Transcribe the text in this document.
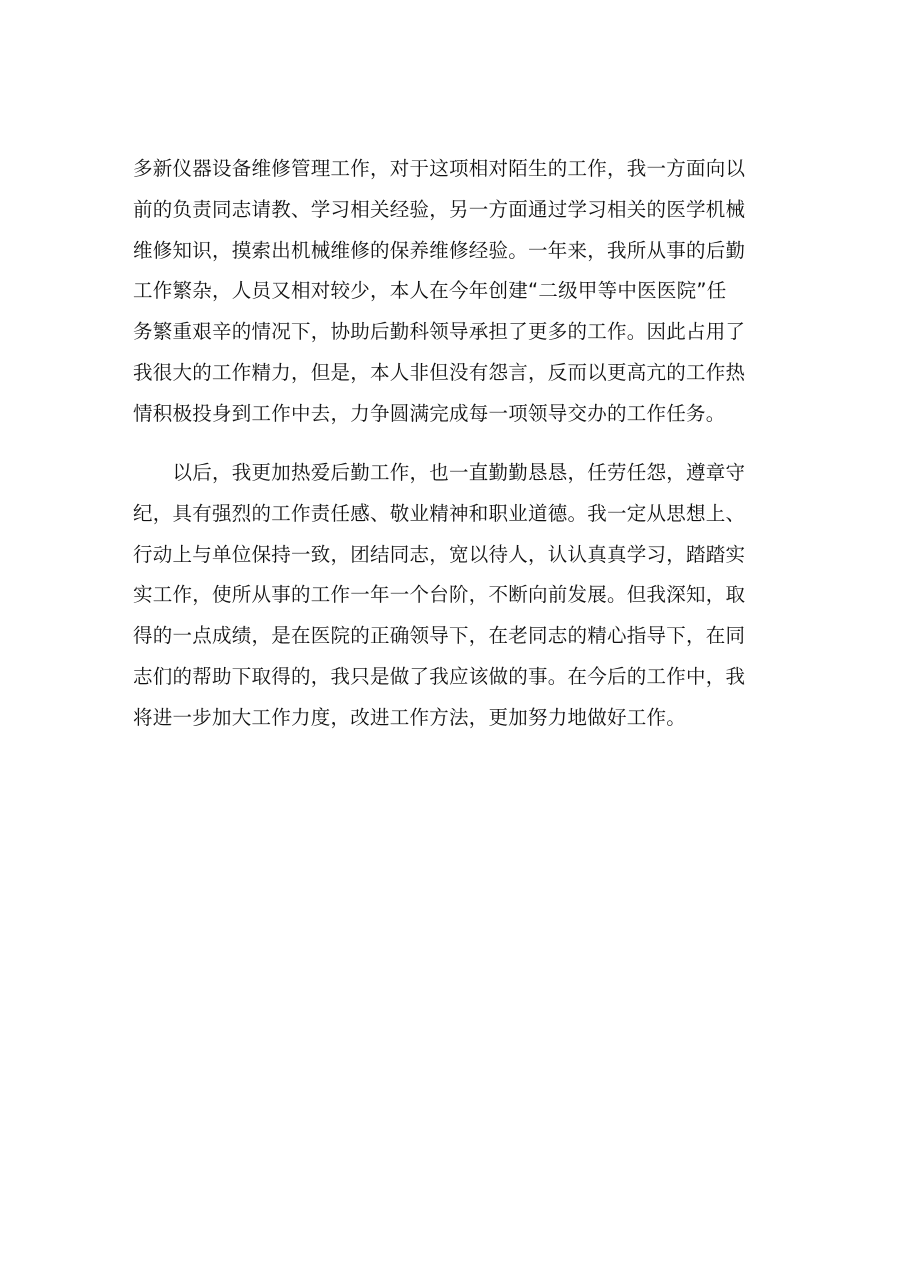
多新仪器设备维修管理工作，对于这项相对陌生的工作，我一方面向以
前的负责同志请教、学习相关经验，另一方面通过学习相关的医学机械
维修知识，摸索出机械维修的保养维修经验。一年来，我所从事的后勤
工作繁杂，人员又相对较少，本人在今年创建“二级甲等中医医院”任
务繁重艰辛的情况下，协助后勤科领导承担了更多的工作。因此占用了
我很大的工作精力，但是，本人非但没有怨言，反而以更高亢的工作热
情积极投身到工作中去，力争圆满完成每一项领导交办的工作任务。
　　以后，我更加热爱后勤工作，也一直勤勤恳恳，任劳任怨，遵章守
纪，具有强烈的工作责任感、敬业精神和职业道德。我一定从思想上、
行动上与单位保持一致，团结同志，宽以待人，认认真真学习，踏踏实
实工作，使所从事的工作一年一个台阶，不断向前发展。但我深知，取
得的一点成绩，是在医院的正确领导下，在老同志的精心指导下，在同
志们的帮助下取得的，我只是做了我应该做的事。在今后的工作中，我
将进一步加大工作力度，改进工作方法，更加努力地做好工作。
